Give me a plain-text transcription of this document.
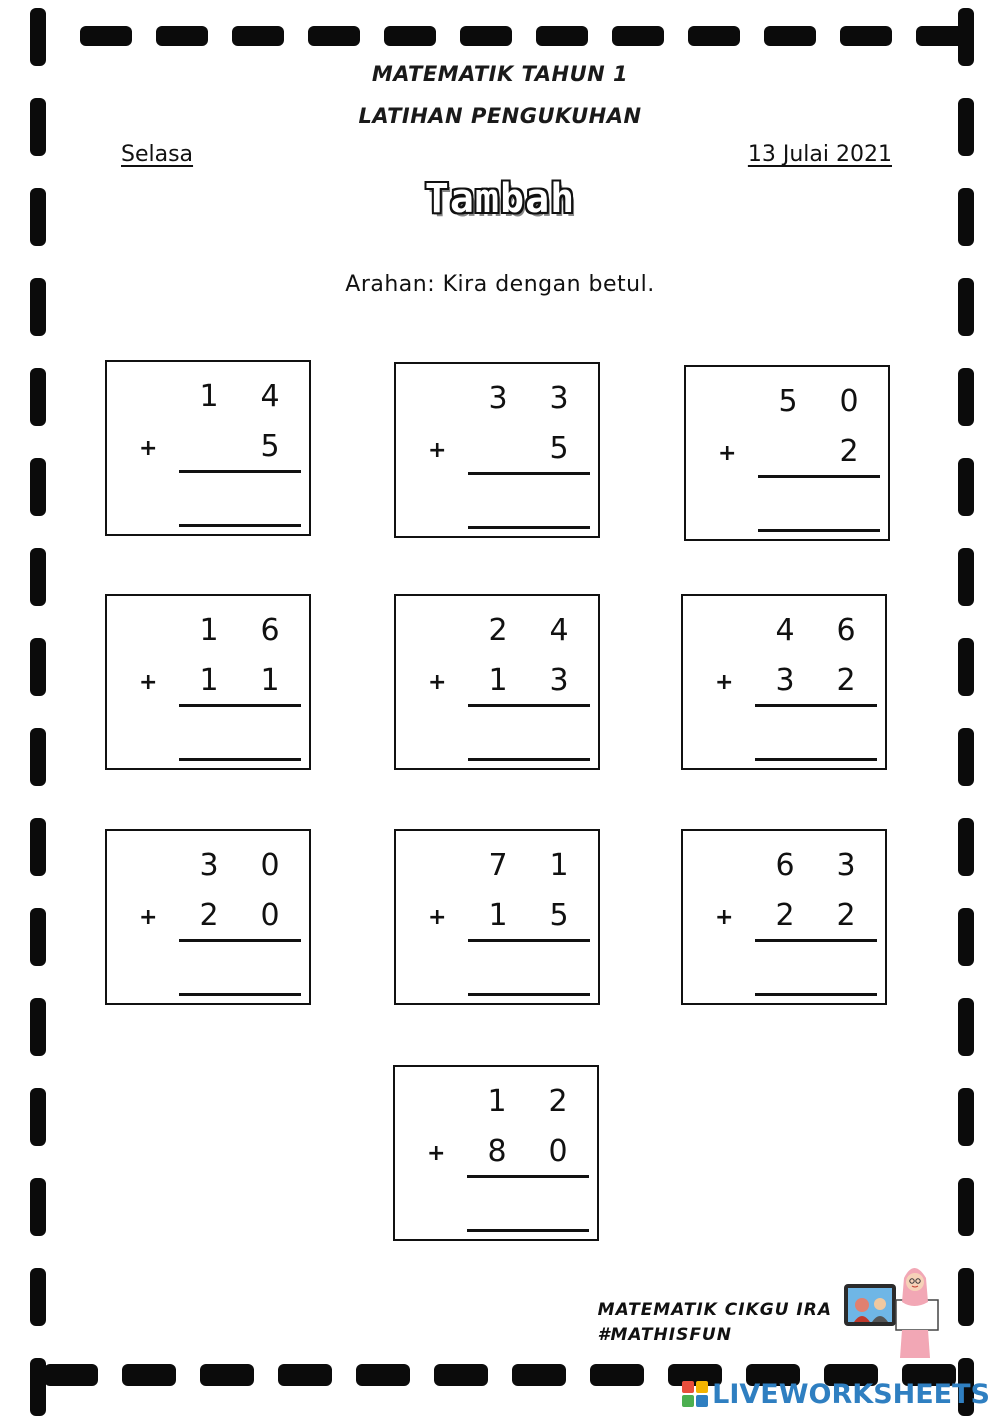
MATEMATIK TAHUN 1
LATIHAN PENGUKUHAN
Selasa	13 Julai 2021
Tambah
Arahan: Kira dengan betul.
1 4
5
+
3 3
5
+
5 0
2
+
1 6
1 1
+
2 4
1 3
+
4 6
3 2
+
3 0
2 0
+
7 1
1 5
+
6 3
2 2
+
1 2
8 0
+
MATEMATIK CIKGU IRA
#MATHISFUN
LIVEWORKSHEETS
